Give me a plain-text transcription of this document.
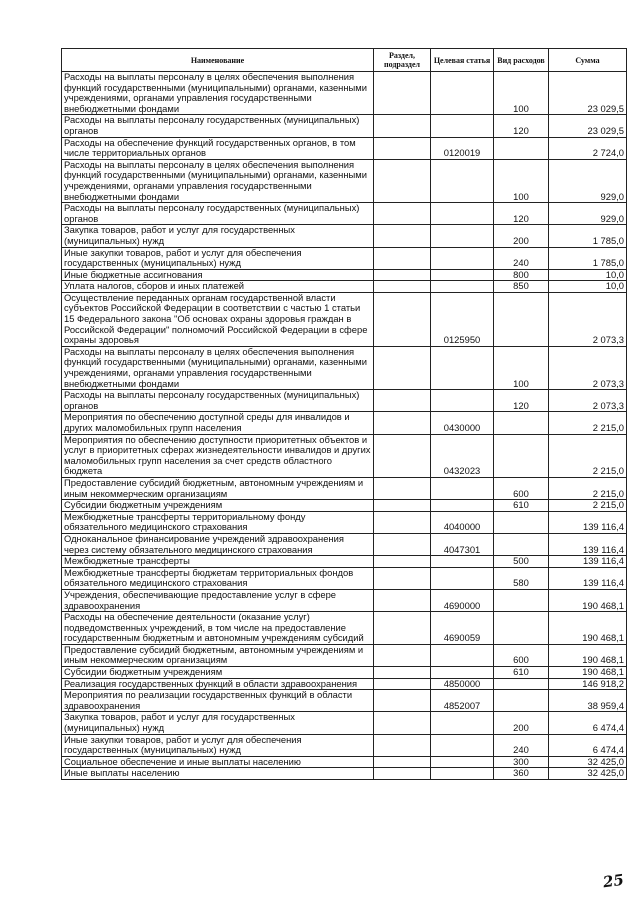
Наименование	Раздел, подраздел	Целевая статья	Вид расходов	Сумма
Расходы на выплаты персоналу в целях обеспечения выполнения функций государственными (муниципальными) органами, казенными учреждениями, органами управления государственными внебюджетными фондами			100	23 029,5
Расходы на выплаты персоналу государственных (муниципальных) органов			120	23 029,5
Расходы на обеспечение функций государственных органов, в том числе территориальных органов		0120019		2 724,0
Расходы на выплаты персоналу в целях обеспечения выполнения функций государственными (муниципальными) органами, казенными учреждениями, органами управления государственными внебюджетными фондами			100	929,0
Расходы на выплаты персоналу государственных (муниципальных) органов			120	929,0
Закупка товаров, работ и услуг для государственных (муниципальных) нужд			200	1 785,0
Иные закупки товаров, работ и услуг для обеспечения государственных (муниципальных) нужд			240	1 785,0
Иные бюджетные ассигнования			800	10,0
Уплата налогов, сборов и иных платежей			850	10,0
Осуществление переданных органам государственной власти субъектов Российской Федерации в соответствии с частью 1 статьи 15 Федерального закона "Об основах охраны здоровья граждан в Российской Федерации" полномочий Российской Федерации в сфере охраны здоровья		0125950		2 073,3
Расходы на выплаты персоналу в целях обеспечения выполнения функций государственными (муниципальными) органами, казенными учреждениями, органами управления государственными внебюджетными фондами			100	2 073,3
Расходы на выплаты персоналу государственных (муниципальных) органов			120	2 073,3
Мероприятия по обеспечению доступной среды для инвалидов и других маломобильных групп населения		0430000		2 215,0
Мероприятия по обеспечению доступности приоритетных объектов и услуг в приоритетных сферах жизнедеятельности инвалидов и других маломобильных групп населения за счет средств областного бюджета		0432023		2 215,0
Предоставление субсидий бюджетным, автономным учреждениям и иным некоммерческим организациям			600	2 215,0
Субсидии бюджетным учреждениям			610	2 215,0
Межбюджетные трансферты территориальному фонду обязательного медицинского страхования		4040000		139 116,4
Одноканальное финансирование учреждений здравоохранения через систему обязательного медицинского страхования		4047301		139 116,4
Межбюджетные трансферты			500	139 116,4
Межбюджетные трансферты бюджетам территориальных фондов обязательного медицинского страхования			580	139 116,4
Учреждения, обеспечивающие предоставление услуг в сфере здравоохранения		4690000		190 468,1
Расходы на обеспечение деятельности (оказание услуг) подведомственных учреждений, в том числе на предоставление государственным бюджетным и автономным учреждениям субсидий		4690059		190 468,1
Предоставление субсидий бюджетным, автономным учреждениям и иным некоммерческим организациям			600	190 468,1
Субсидии бюджетным учреждениям			610	190 468,1
Реализация государственных функций в области здравоохранения		4850000		146 918,2
Мероприятия по реализации государственных функций в области здравоохранения		4852007		38 959,4
Закупка товаров, работ и услуг для государственных (муниципальных) нужд			200	6 474,4
Иные закупки товаров, работ и услуг для обеспечения государственных (муниципальных) нужд			240	6 474,4
Социальное обеспечение и иные выплаты населению			300	32 425,0
Иные выплаты населению			360	32 425,0
25
